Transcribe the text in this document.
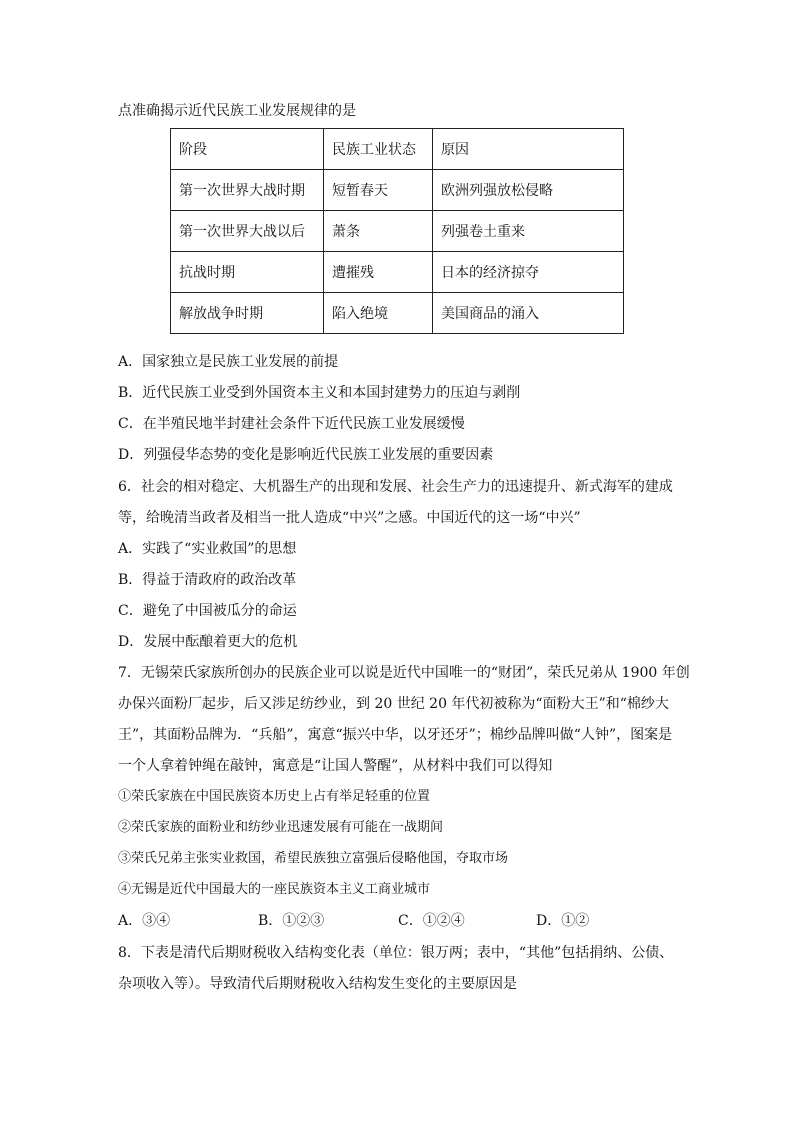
点准确揭示近代民族工业发展规律的是
阶段	民族工业状态	原因
第一次世界大战时期	短暂春天	欧洲列强放松侵略
第一次世界大战以后	萧条	列强卷土重来
抗战时期	遭摧残	日本的经济掠夺
解放战争时期	陷入绝境	美国商品的涌入
A．国家独立是民族工业发展的前提
B．近代民族工业受到外国资本主义和本国封建势力的压迫与剥削
C．在半殖民地半封建社会条件下近代民族工业发展缓慢
D．列强侵华态势的变化是影响近代民族工业发展的重要因素
6．社会的相对稳定、大机器生产的出现和发展、社会生产力的迅速提升、新式海军的建成
等，给晚清当政者及相当一批人造成“中兴”之感。中国近代的这一场“中兴”
A．实践了“实业救国”的思想
B．得益于清政府的政治改革
C．避免了中国被瓜分的命运
D．发展中酝酿着更大的危机
7．无锡荣氏家族所创办的民族企业可以说是近代中国唯一的“财团”，荣氏兄弟从 1900 年创
办保兴面粉厂起步，后又涉足纺纱业，到 20 世纪 20 年代初被称为“面粉大王”和“棉纱大
王”，其面粉品牌为．“兵船”，寓意“振兴中华，以牙还牙”；棉纱品牌叫做“人钟”，图案是
一个人拿着钟绳在敲钟，寓意是“让国人警醒”，从材料中我们可以得知
①荣氏家族在中国民族资本历史上占有举足轻重的位置
②荣氏家族的面粉业和纺纱业迅速发展有可能在一战期间
③荣氏兄弟主张实业救国，希望民族独立富强后侵略他国，夺取市场
④无锡是近代中国最大的一座民族资本主义工商业城市
A．③④	B．①②③	C．①②④	D．①②
8．下表是清代后期财税收入结构变化表（单位：银万两；表中，“其他”包括捐纳、公债、
杂项收入等）。导致清代后期财税收入结构发生变化的主要原因是
